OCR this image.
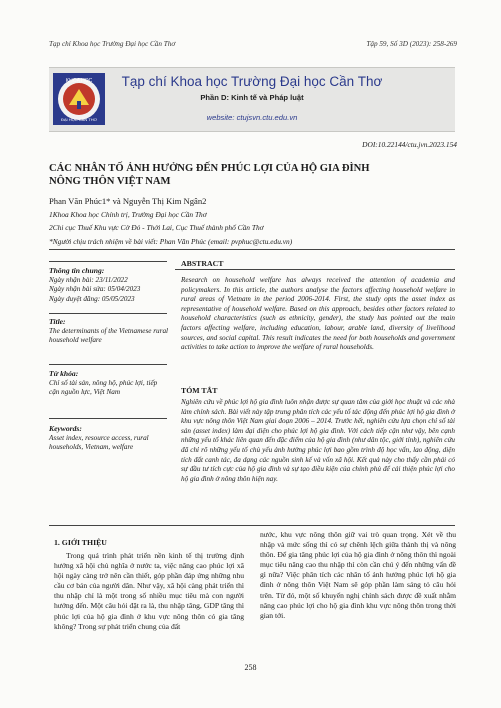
Tạp chí Khoa học Trường Đại học Cần Thơ	Tập 59, Số 3D (2023): 258-269
KHOA HỌC
ĐẠI HỌC CẦN THƠ
Tạp chí Khoa học Trường Đại học Cần Thơ
Phần D: Kinh tế và Pháp luật
website: ctujsvn.ctu.edu.vn
DOI:10.22144/ctu.jvn.2023.154
CÁC NHÂN TỐ ẢNH HƯỞNG ĐẾN PHÚC LỢI CỦA HỘ GIA ĐÌNH
NÔNG THÔN VIỆT NAM
Phan Văn Phúc1* và Nguyễn Thị Kim Ngân2
1Khoa Khoa học Chính trị, Trường Đại học Cần Thơ
2Chi cục Thuế Khu vực Cờ Đỏ - Thới Lai, Cục Thuế thành phố Cần Thơ
*Người chịu trách nhiệm về bài viết: Phan Văn Phúc (email: pvphuc@ctu.edu.vn)
Thông tin chung:
Ngày nhận bài: 23/11/2022
Ngày nhận bài sửa: 05/04/2023
Ngày duyệt đăng: 05/05/2023
Title:
The determinants of the Vietnamese rural household welfare
Từ khóa:
Chỉ số tài sản, nông hộ, phúc lợi, tiếp cận nguồn lực, Việt Nam
Keywords:
Asset index, resource access, rural households, Vietnam, welfare
ABSTRACT
Research on household welfare has always received the attention of academia and policymakers. In this article, the authors analyse the factors affecting household welfare in rural areas of Vietnam in the period 2006-2014. First, the study opts the asset index as representative of household welfare. Based on this approach, besides other factors related to household characteristics (such as ethnicity, gender), the study has pointed out the main factors affecting welfare, including education, labour, arable land, diversity of livelihood sources, and social capital. This result indicates the need for both households and government activities to take action to improve the welfare of rural households.
TÓM TẮT
Nghiên cứu về phúc lợi hộ gia đình luôn nhận được sự quan tâm của giới học thuật và các nhà làm chính sách. Bài viết này tập trung phân tích các yếu tố tác động đến phúc lợi hộ gia đình ở khu vực nông thôn Việt Nam giai đoạn 2006 – 2014. Trước hết, nghiên cứu lựa chọn chỉ số tài sản (asset index) làm đại diện cho phúc lợi hộ gia đình. Với cách tiếp cận như vậy, bên cạnh những yếu tố khác liên quan đến đặc điểm của hộ gia đình (như dân tộc, giới tính), nghiên cứu đã chỉ rõ những yếu tố chủ yếu ảnh hưởng phúc lợi bao gồm trình độ học vấn, lao động, diện tích đất canh tác, đa dạng các nguồn sinh kế và vốn xã hội. Kết quả này cho thấy cần phải có sự đầu tư tích cực của hộ gia đình và sự tạo điều kiện của chính phủ để cải thiện phúc lợi cho hộ gia đình ở nông thôn hiện nay.
1. GIỚI THIỆU
Trong quá trình phát triển nền kinh tế thị trường định hướng xã hội chủ nghĩa ở nước ta, việc nâng cao phúc lợi xã hội ngày càng trở nên cần thiết, góp phần đáp ứng những nhu cầu cơ bản của người dân. Như vậy, xã hội càng phát triển thì thu nhập chỉ là một trong số nhiều mục tiêu mà con người hướng đến. Một câu hỏi đặt ra là, thu nhập tăng, GDP tăng thì phúc lợi của hộ gia đình ở khu vực nông thôn có gia tăng không? Trong sự phát triển chung của đất
nước, khu vực nông thôn giữ vai trò quan trọng. Xét về thu nhập và mức sống thì có sự chênh lệch giữa thành thị và nông thôn. Để gia tăng phúc lợi của hộ gia đình ở nông thôn thì ngoài mục tiêu nâng cao thu nhập thì còn cần chú ý đến những vấn đề gì nữa? Việc phân tích các nhân tố ảnh hưởng phúc lợi hộ gia đình ở nông thôn Việt Nam sẽ góp phần làm sáng tỏ câu hỏi trên. Từ đó, một số khuyến nghị chính sách được đề xuất nhằm nâng cao phúc lợi cho hộ gia đình khu vực nông thôn trong thời gian tới.
258
